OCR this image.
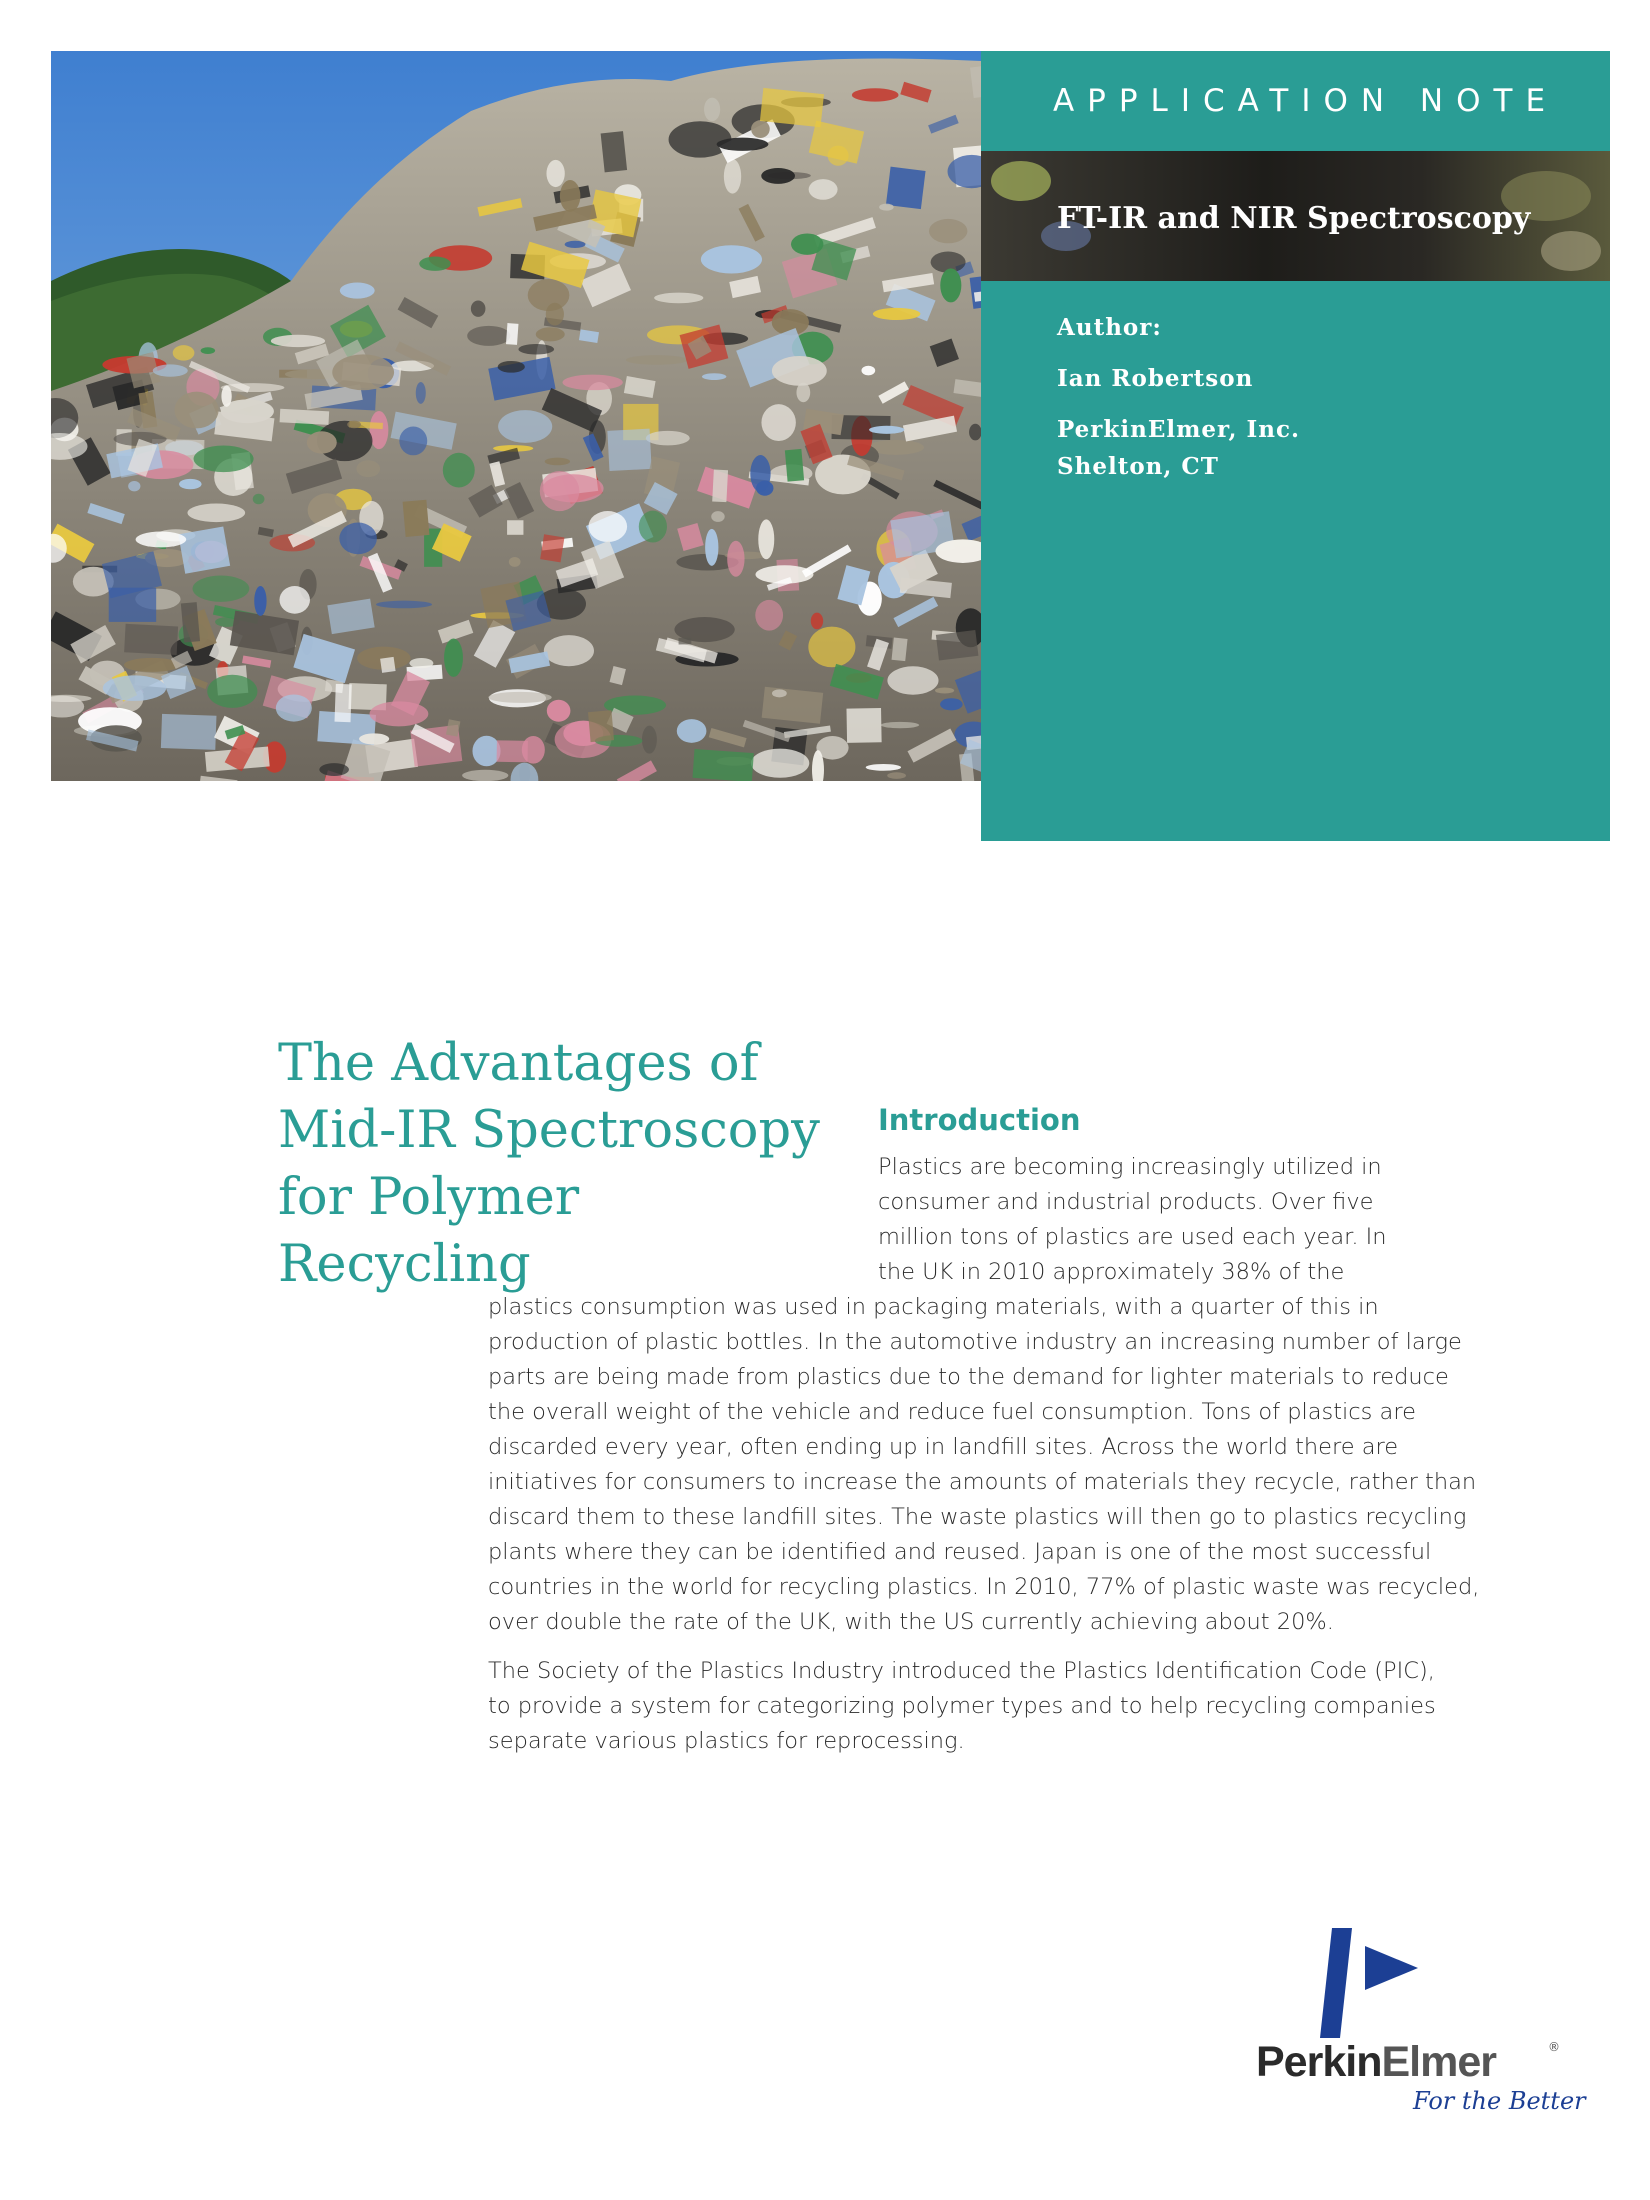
APPLICATION NOTE
FT-IR and NIR Spectroscopy
Author:
Ian Robertson
PerkinElmer, Inc.
Shelton, CT
The Advantages of
Mid-IR Spectroscopy
for Polymer Recycling
Introduction
Plastics are becoming increasingly utilized in
consumer and industrial products. Over five
million tons of plastics are used each year. In
the UK in 2010 approximately 38% of the
plastics consumption was used in packaging materials, with a quarter of this in
production of plastic bottles. In the automotive industry an increasing number of large
parts are being made from plastics due to the demand for lighter materials to reduce
the overall weight of the vehicle and reduce fuel consumption. Tons of plastics are
discarded every year, often ending up in landfill sites. Across the world there are
initiatives for consumers to increase the amounts of materials they recycle, rather than
discard them to these landfill sites. The waste plastics will then go to plastics recycling
plants where they can be identified and reused. Japan is one of the most successful
countries in the world for recycling plastics. In 2010, 77% of plastic waste was recycled,
over double the rate of the UK, with the US currently achieving about 20%.
The Society of the Plastics Industry introduced the Plastics Identification Code (PIC),
to provide a system for categorizing polymer types and to help recycling companies
separate various plastics for reprocessing.
PerkinElmer	®
For the Better
